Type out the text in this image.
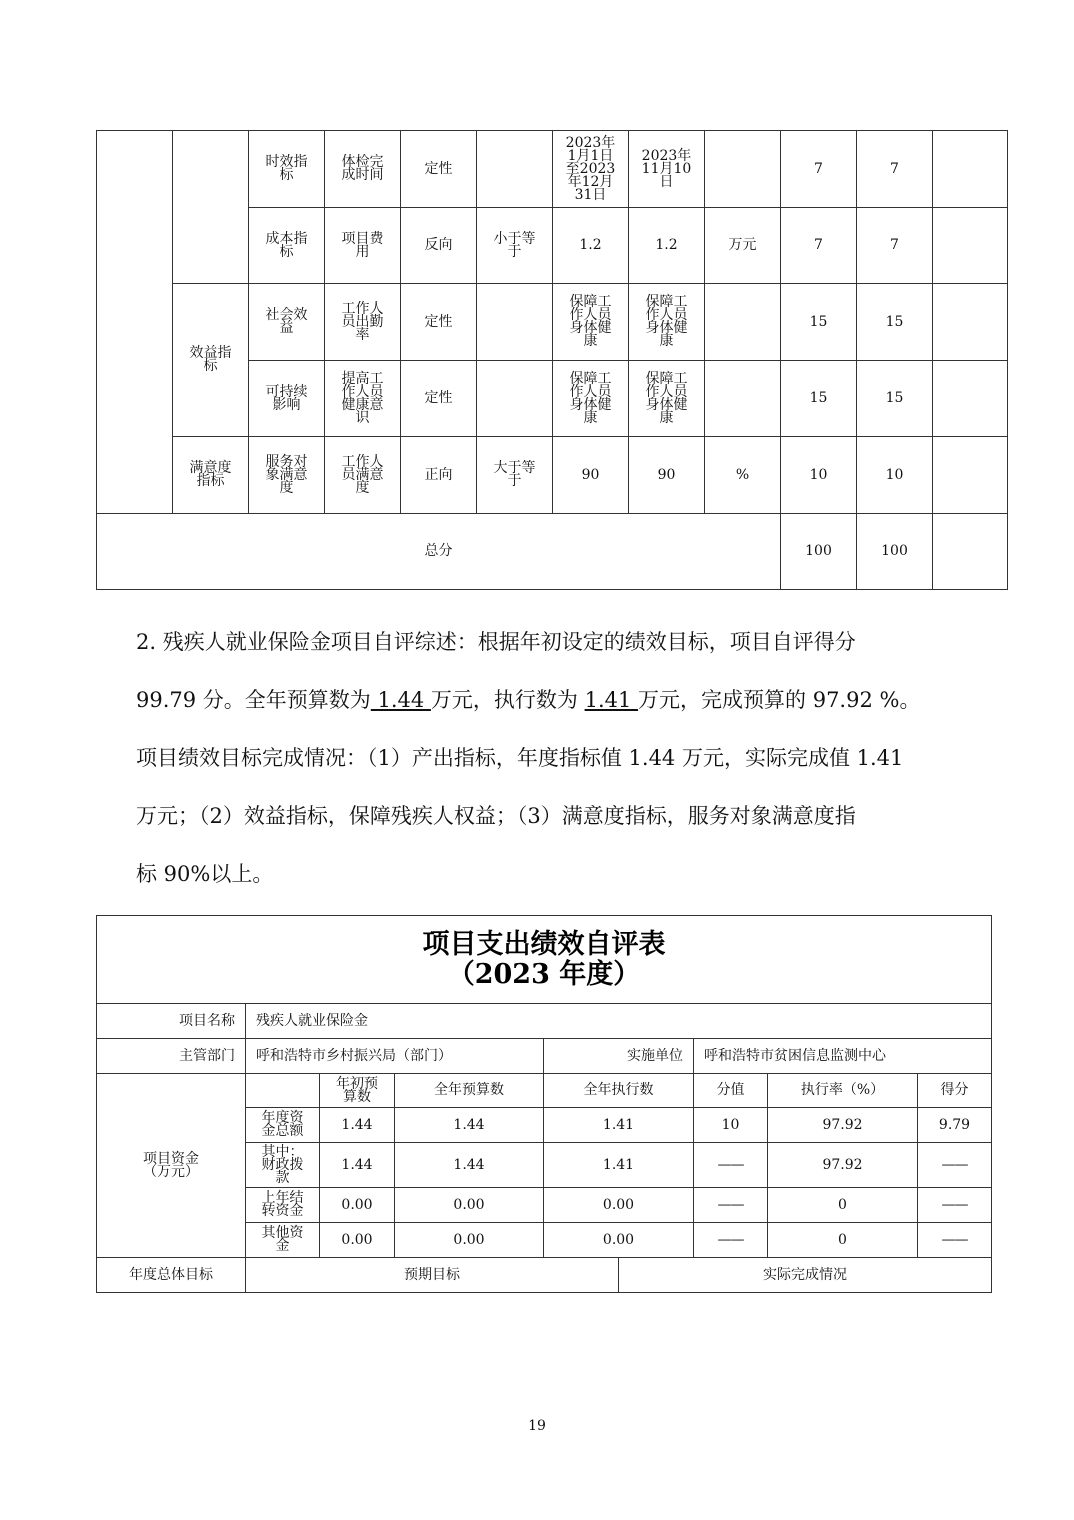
		时效指标	体检完成时间	定性		2023年1月1日至2023年12月31日	2023年11月10日		7	7	
		成本指标	项目费用	反向	小于等于	1.2	1.2	万元	7	7	
	效益指标	社会效益	工作人员出勤率	定性		保障工作人员身体健康	保障工作人员身体健康		15	15	
		可持续影响	提高工作人员健康意识	定性		保障工作人员身体健康	保障工作人员身体健康		15	15	
	满意度指标	服务对象满意度	工作人员满意度	正向	大于等于	90	90	%	10	10	
总分									100	100	
2. 残疾人就业保险金项目自评综述：根据年初设定的绩效目标，项目自评得分
99.79 分。全年预算数为 1.44 万元，执行数为 1.41 万元，完成预算的 97.92 %。
项目绩效目标完成情况：（1）产出指标，年度指标值 1.44 万元，实际完成值 1.41
万元；（2）效益指标，保障残疾人权益；（3）满意度指标，服务对象满意度指
标 90%以上。
项目支出绩效自评表
（2023 年度）								

项目名称	残疾人就业保险金							
主管部门	呼和浩特市乡村振兴局（部门）			实施单位		呼和浩特市贫困信息监测中心		
项目资金（万元）		年初预算数	全年预算数	全年执行数		分值	执行率（%）	得分
	年度资金总额	1.44	1.44	1.41		10	97.92	9.79
	其中：财政拨款	1.44	1.44	1.41		——	97.92	——
	上年结转资金	0.00	0.00	0.00		——	0	——
	其他资金	0.00	0.00	0.00		——	0	——
年度总体目标	预期目标				实际完成情况			
19
